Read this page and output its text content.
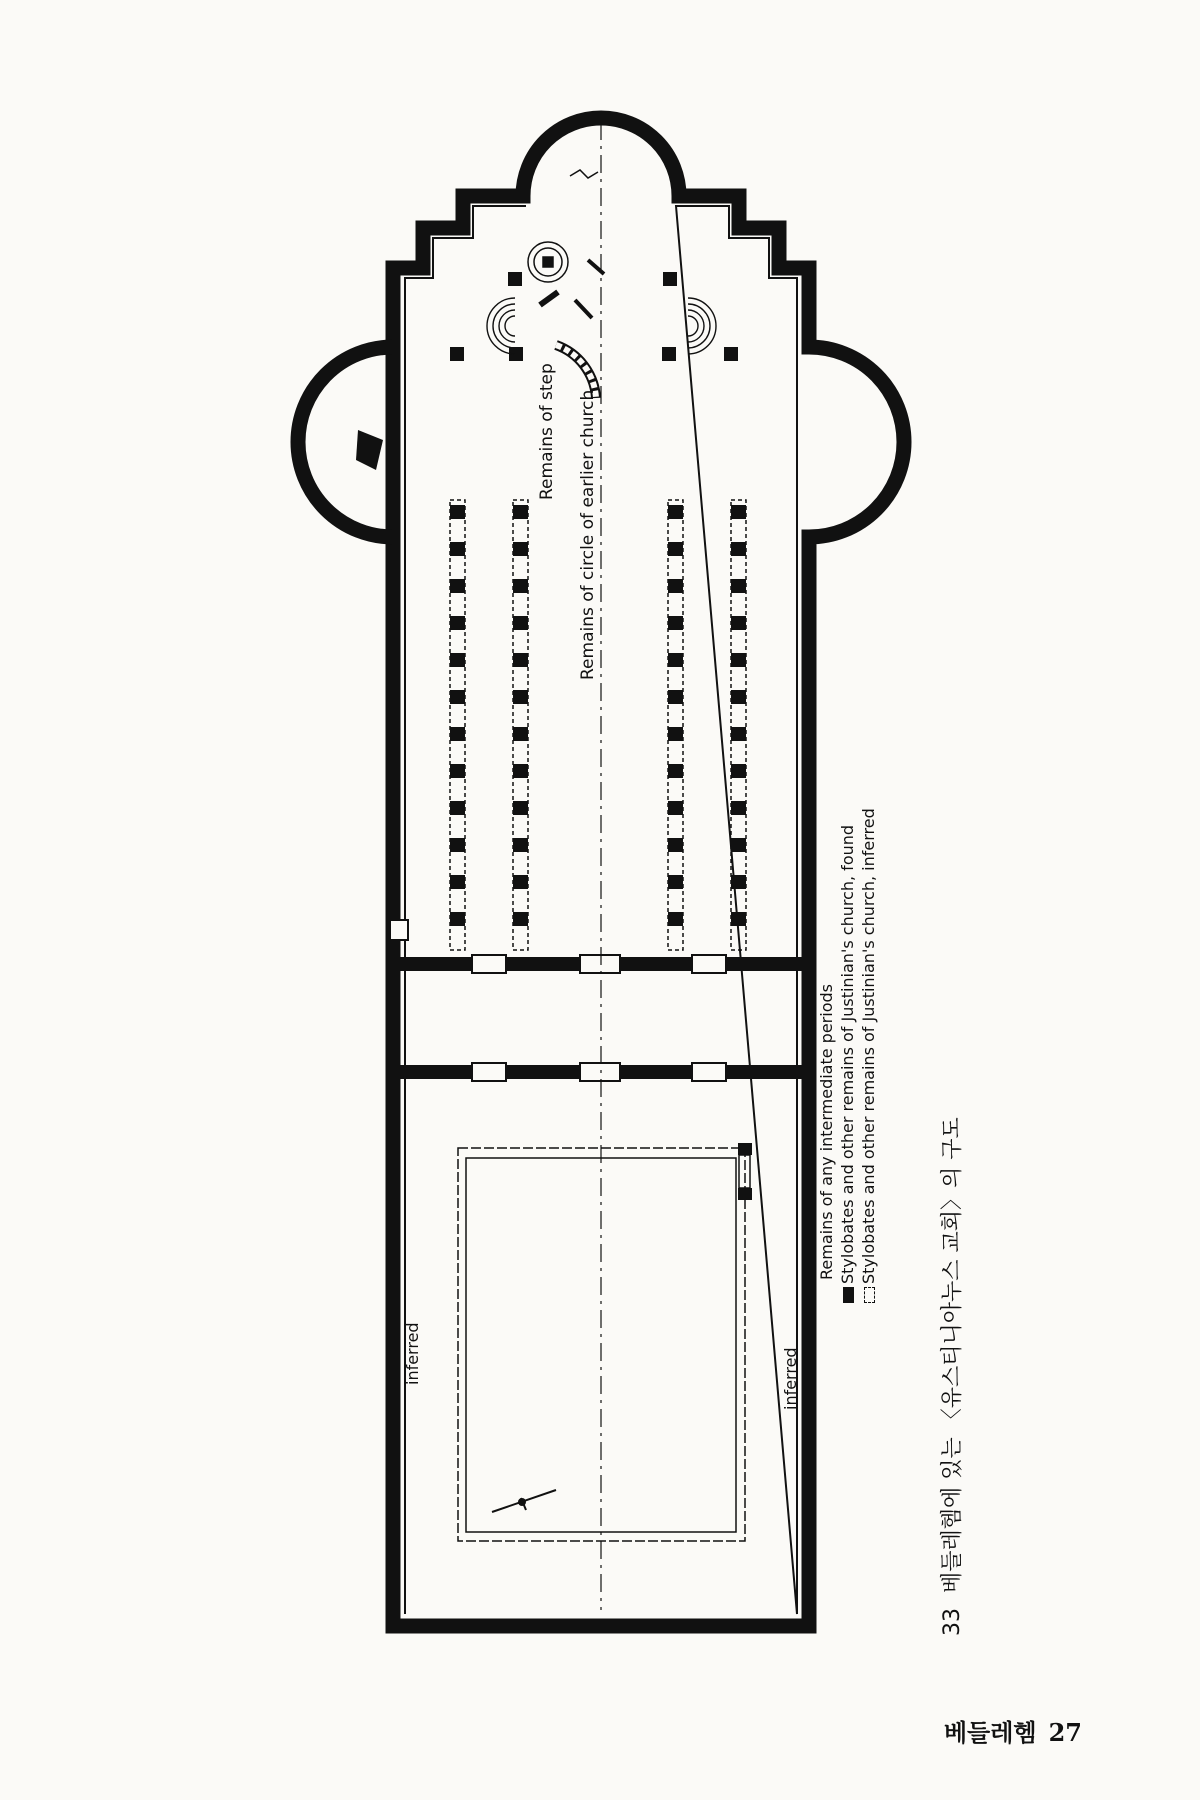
Remains of step Remains of circle of earlier church
inferred	inferred
Remains of any intermediate periods Stylobates and other remains of Justinian's church, found Stylobates and other remains of Justinian's church, inferred
33 베들레헴에 있는 〈유스티니아누스 교회〉의 구도
베들레헴 27
